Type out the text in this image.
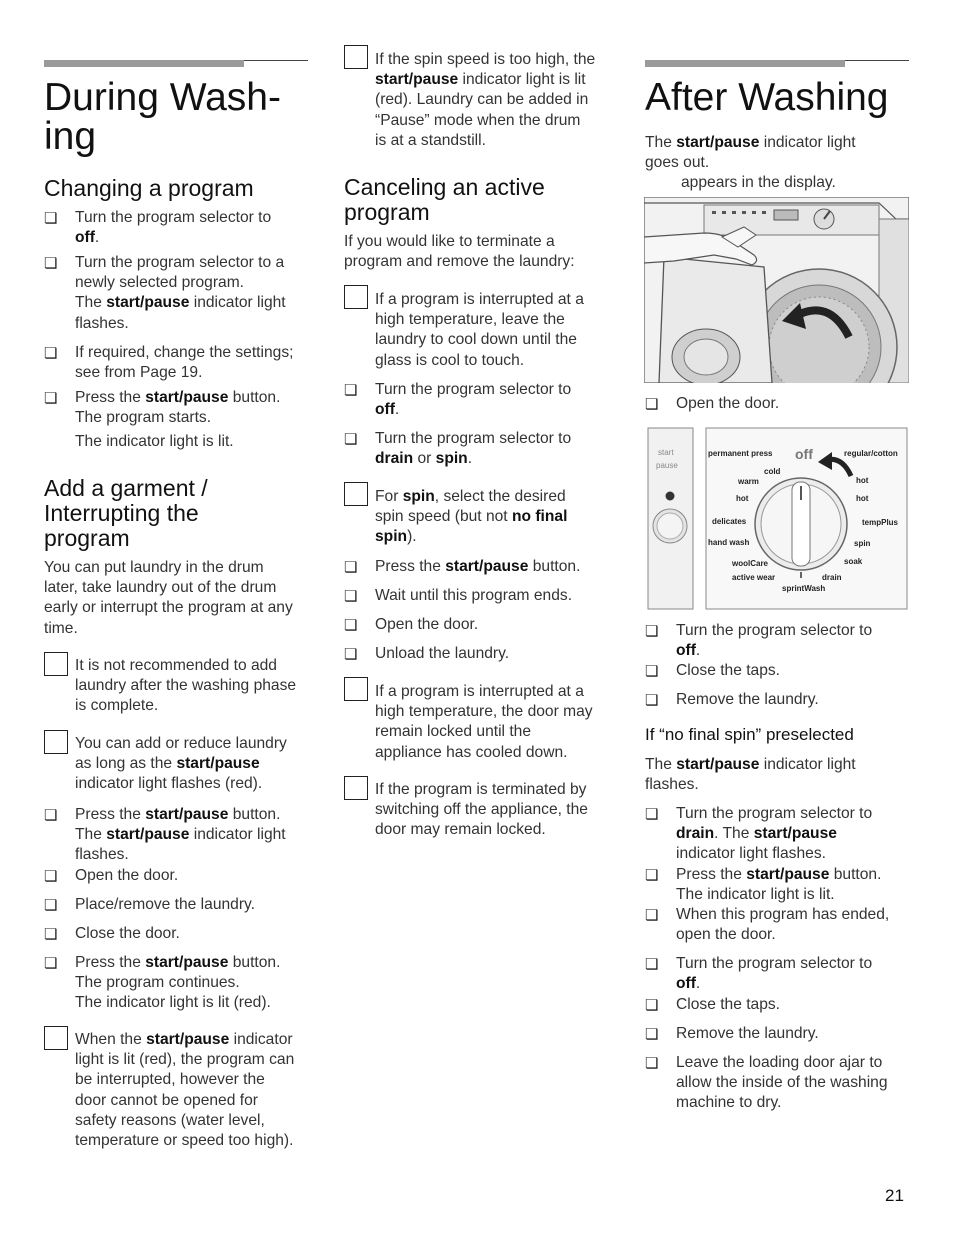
During Wash-
ing
Changing a program
❏
Turn the program selector to
off.
❏
Turn the program selector to a
newly selected program.
The start/pause indicator light
flashes.
❏
If required, change the settings;
see from Page 19.
❏
Press the start/pause button.
The program starts.
The indicator light is lit.
Add a garment /
Interrupting the
program
You can put laundry in the drum
later, take laundry out of the drum
early or interrupt the program at any
time.
It is not recommended to add
laundry after the washing phase
is complete.
You can add or reduce laundry
as long as the start/pause
indicator light flashes (red).
❏
Press the start/pause button.
The start/pause indicator light
flashes.
❏
Open the door.
❏
Place/remove the laundry.
❏
Close the door.
❏
Press the start/pause button.
The program continues.
The indicator light is lit (red).
When the start/pause indicator
light is lit (red), the program can
be interrupted, however the
door cannot be opened for
safety reasons (water level,
temperature or speed too high).
If the spin speed is too high, the
start/pause indicator light is lit
(red). Laundry can be added in
“Pause” mode when the drum
is at a standstill.
Canceling an active
program
If you would like to terminate a
program and remove the laundry:
If a program is interrupted at a
high temperature, leave the
laundry to cool down until the
glass is cool to touch.
❏
Turn the program selector to
off.
❏
Turn the program selector to
drain or spin.
For spin, select the desired
spin speed (but not no final
spin).
❏
Press the start/pause button.
❏
Wait until this program ends.
❏
Open the door.
❏
Unload the laundry.
If a program is interrupted at a
high temperature, the door may
remain locked until the
appliance has cooled down.
If the program is terminated by
switching off the appliance, the
door may remain locked.
After Washing
The start/pause indicator light
goes out.
appears in the display.
❏
Open the door.
start
pause
permanent press off	regular/cotton
cold
warm
hot
hot
hot
delicates	tempPlus
hand wash	spin
woolCare	soak
active wear	drain
sprintWash
❏
Turn the program selector to
off.
❏
Close the taps.
❏
Remove the laundry.
If “no final spin” preselected
The start/pause indicator light
flashes.
❏
Turn the program selector to
drain. The start/pause
indicator light flashes.
❏
Press the start/pause button.
The indicator light is lit.
❏
When this program has ended,
open the door.
❏
Turn the program selector to
off.
❏
Close the taps.
❏
Remove the laundry.
❏
Leave the loading door ajar to
allow the inside of the washing
machine to dry.
21
